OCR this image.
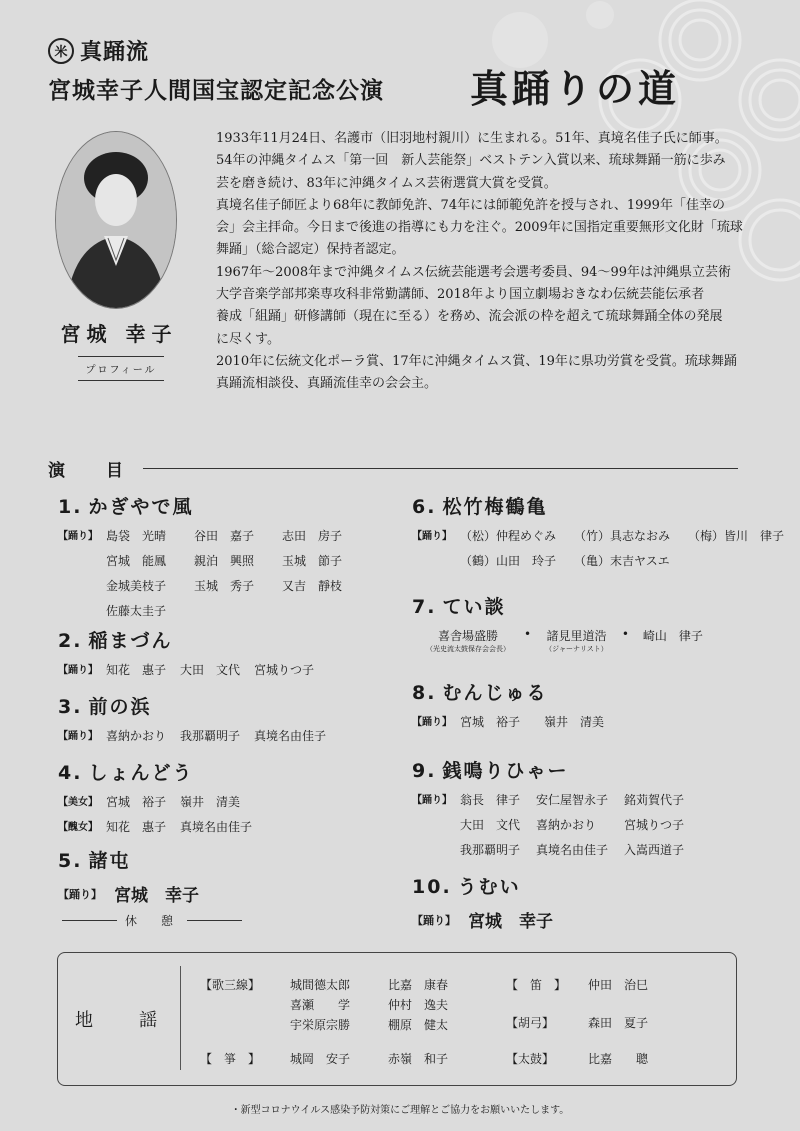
米 真踊流
宮城幸子人間国宝認定記念公演 真踊りの道
宮城 幸子
プロフィール

1933年11月24日、名護市（旧羽地村親川）に生まれる。51年、真境名佳子氏に師事。

54年の沖縄タイムス「第一回　新人芸能祭」ベストテン入賞以来、琉球舞踊一筋に歩み

芸を磨き続け、83年に沖縄タイムス芸術選賞大賞を受賞。

真境名佳子師匠より68年に教師免許、74年には師範免許を授与され、1999年「佳幸の

会」会主拝命。今日まで後進の指導にも力を注ぐ。2009年に国指定重要無形文化財「琉球

舞踊」（総合認定）保持者認定。

1967年～2008年まで沖縄タイムス伝統芸能選考会選考委員、94～99年は沖縄県立芸術

大学音楽学部邦楽専攻科非常勤講師、2018年より国立劇場おきなわ伝統芸能伝承者

養成「組踊」研修講師（現在に至る）を務め、流会派の枠を超えて琉球舞踊全体の発展

に尽くす。

2010年に伝統文化ポーラ賞、17年に沖縄タイムス賞、19年に県功労賞を受賞。琉球舞踊

真踊流相談役、真踊流佳幸の会会主。

演　目
1. かぎやで風
【踊り】 島袋　光晴	谷田　嘉子	志田　房子
宮城　能鳳	親泊　興照	玉城　節子
金城美枝子	玉城　秀子	又吉　靜枝
佐藤太圭子
2. 稲まづん
【踊り】 知花　惠子 大田　文代 宮城りつ子
3. 前の浜
【踊り】 喜納かおり 我那覇明子 真境名由佳子
4. しょんどう
【美女】 宮城　裕子 嶺井　清美
【醜女】 知花　惠子 真境名由佳子
5. 諸屯
【踊り】 宮城　幸子
休　憩
6. 松竹梅鶴亀
【踊り】 （松）仲程めぐみ （竹）具志なおみ （梅）皆川　律子
（鶴）山田　玲子 （亀）末吉ヤスエ
7. てい談
喜舎場盛勝
（光史流太鼓保存会会長）
• 諸見里道浩
（ジャーナリスト）
• 崎山　律子
8. むんじゅる
【踊り】 宮城　裕子 嶺井　清美
9. 銭鳴りひゃー
【踊り】 翁長　律子 安仁屋智永子 銘苅賀代子
大田　文代 喜納かおり	宮城りつ子
我那覇明子 真境名由佳子 入嵩西道子
10. うむい
【踊り】 宮城　幸子
地　謡
【歌三線】	城間德太郎	比嘉　康春
喜瀬　　学	仲村　逸夫
宇栄原宗勝	棚原　健太
【　箏　】	城岡　安子	赤嶺　和子
【　笛　】	仲田　治巳
【胡弓】	森田　夏子
【太鼓】	比嘉　　聰
・新型コロナウイルス感染予防対策にご理解とご協力をお願いいたします。
